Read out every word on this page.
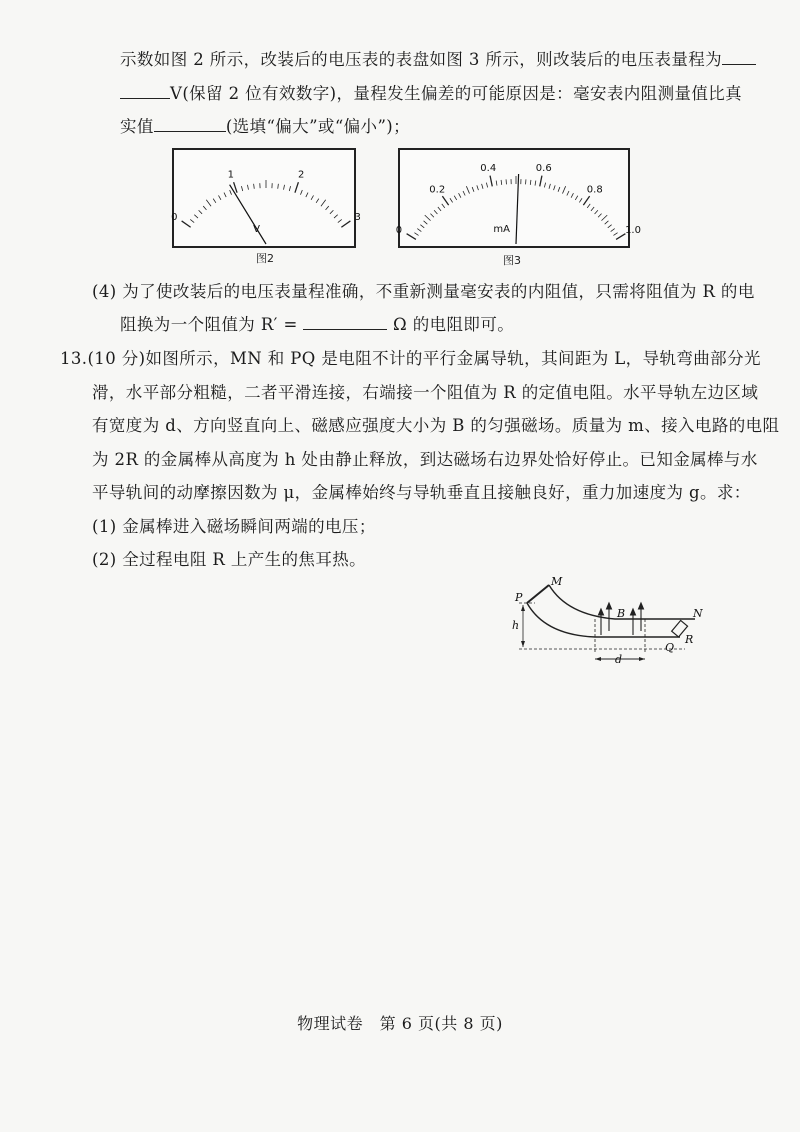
示数如图 2 所示，改装后的电压表的表盘如图 3 所示，则改装后的电压表量程为
V(保留 2 位有效数字)，量程发生偏差的可能原因是：毫安表内阻测量值比真
实值	(选填“偏大”或“偏小”)；
0
1	2
3
V
图2
0
0.2
0.4	0.6
0.8
1.0
mA
图3
(4) 为了使改装后的电压表量程准确，不重新测量毫安表的内阻值，只需将阻值为 R 的电
阻换为一个阻值为 R′ =	Ω 的电阻即可。
13.(10 分)如图所示，MN 和 PQ 是电阻不计的平行金属导轨，其间距为 L，导轨弯曲部分光
滑，水平部分粗糙，二者平滑连接，右端接一个阻值为 R 的定值电阻。水平导轨左边区域
有宽度为 d、方向竖直向上、磁感应强度大小为 B 的匀强磁场。质量为 m、接入电路的电阻
为 2R 的金属棒从高度为 h 处由静止释放，到达磁场右边界处恰好停止。已知金属棒与水
平导轨间的动摩擦因数为 μ，金属棒始终与导轨垂直且接触良好，重力加速度为 g。求：
(1) 金属棒进入磁场瞬间两端的电压；
(2) 全过程电阻 R 上产生的焦耳热。
M
P
h
B	N
Q
R
d
物理试卷　第 6 页(共 8 页)
